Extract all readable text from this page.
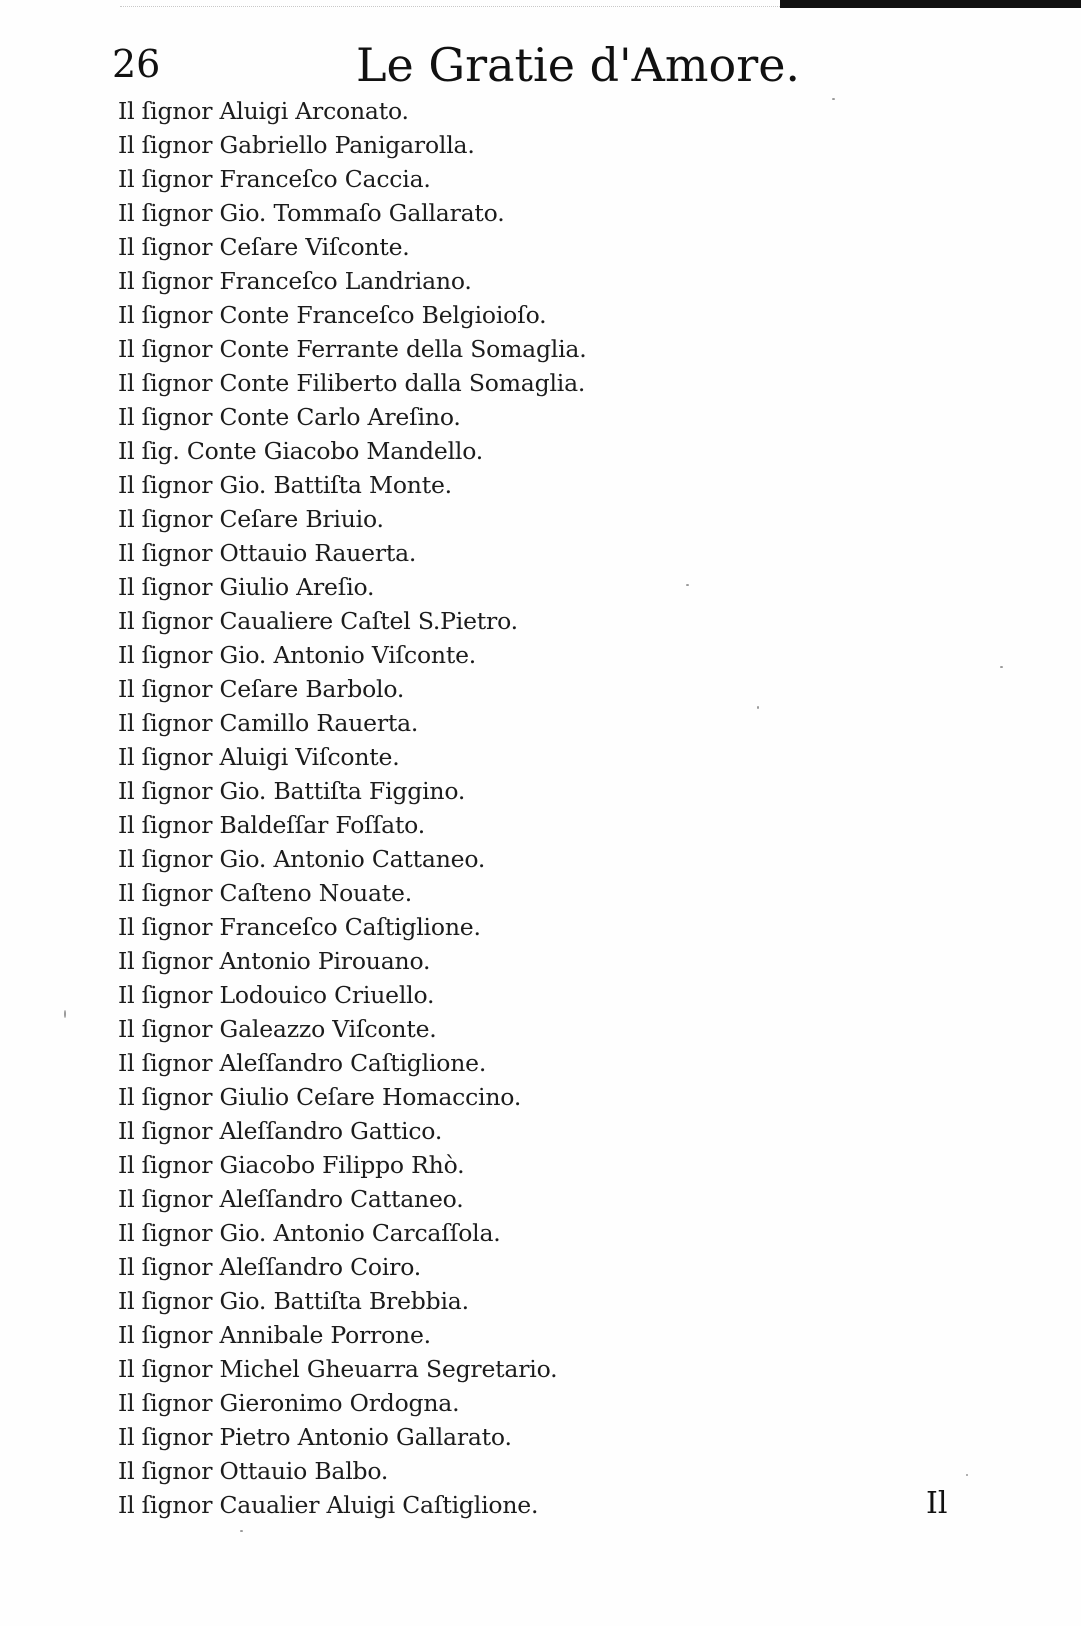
26	Le Gratie d'Amore.
Il ſignor Aluigi Arconato.
Il ſignor Gabriello Panigarolla.
Il ſignor Franceſco Caccia.
Il ſignor Gio. Tommaſo Gallarato.
Il ſignor Ceſare Viſconte.
Il ſignor Franceſco Landriano.
Il ſignor Conte Franceſco Belgioioſo.
Il ſignor Conte Ferrante della Somaglia.
Il ſignor Conte Filiberto dalla Somaglia.
Il ſignor Conte Carlo Areſino.
Il ſig. Conte Giacobo Mandello.
Il ſignor Gio. Battiſta Monte.
Il ſignor Ceſare Briuio.
Il ſignor Ottauio Rauerta.
Il ſignor Giulio Areſio.
Il ſignor Caualiere Caſtel S.Pietro.
Il ſignor Gio. Antonio Viſconte.
Il ſignor Ceſare Barbolo.
Il ſignor Camillo Rauerta.
Il ſignor Aluigi Viſconte.
Il ſignor Gio. Battiſta Figgino.
Il ſignor Baldeſſar Foſſato.
Il ſignor Gio. Antonio Cattaneo.
Il ſignor Caſteno Nouate.
Il ſignor Franceſco Caſtiglione.
Il ſignor Antonio Pirouano.
Il ſignor Lodouico Criuello.
Il ſignor Galeazzo Viſconte.
Il ſignor Aleſſandro Caſtiglione.
Il ſignor Giulio Ceſare Homaccino.
Il ſignor Aleſſandro Gattico.
Il ſignor Giacobo Filippo Rhò.
Il ſignor Aleſſandro Cattaneo.
Il ſignor Gio. Antonio Carcaſſola.
Il ſignor Aleſſandro Coiro.
Il ſignor Gio. Battiſta Brebbia.
Il ſignor Annibale Porrone.
Il ſignor Michel Gheuarra Segretario.
Il ſignor Gieronimo Ordogna.
Il ſignor Pietro Antonio Gallarato.
Il ſignor Ottauio Balbo.
Il ſignor Caualier Aluigi Caſtiglione.	Il
